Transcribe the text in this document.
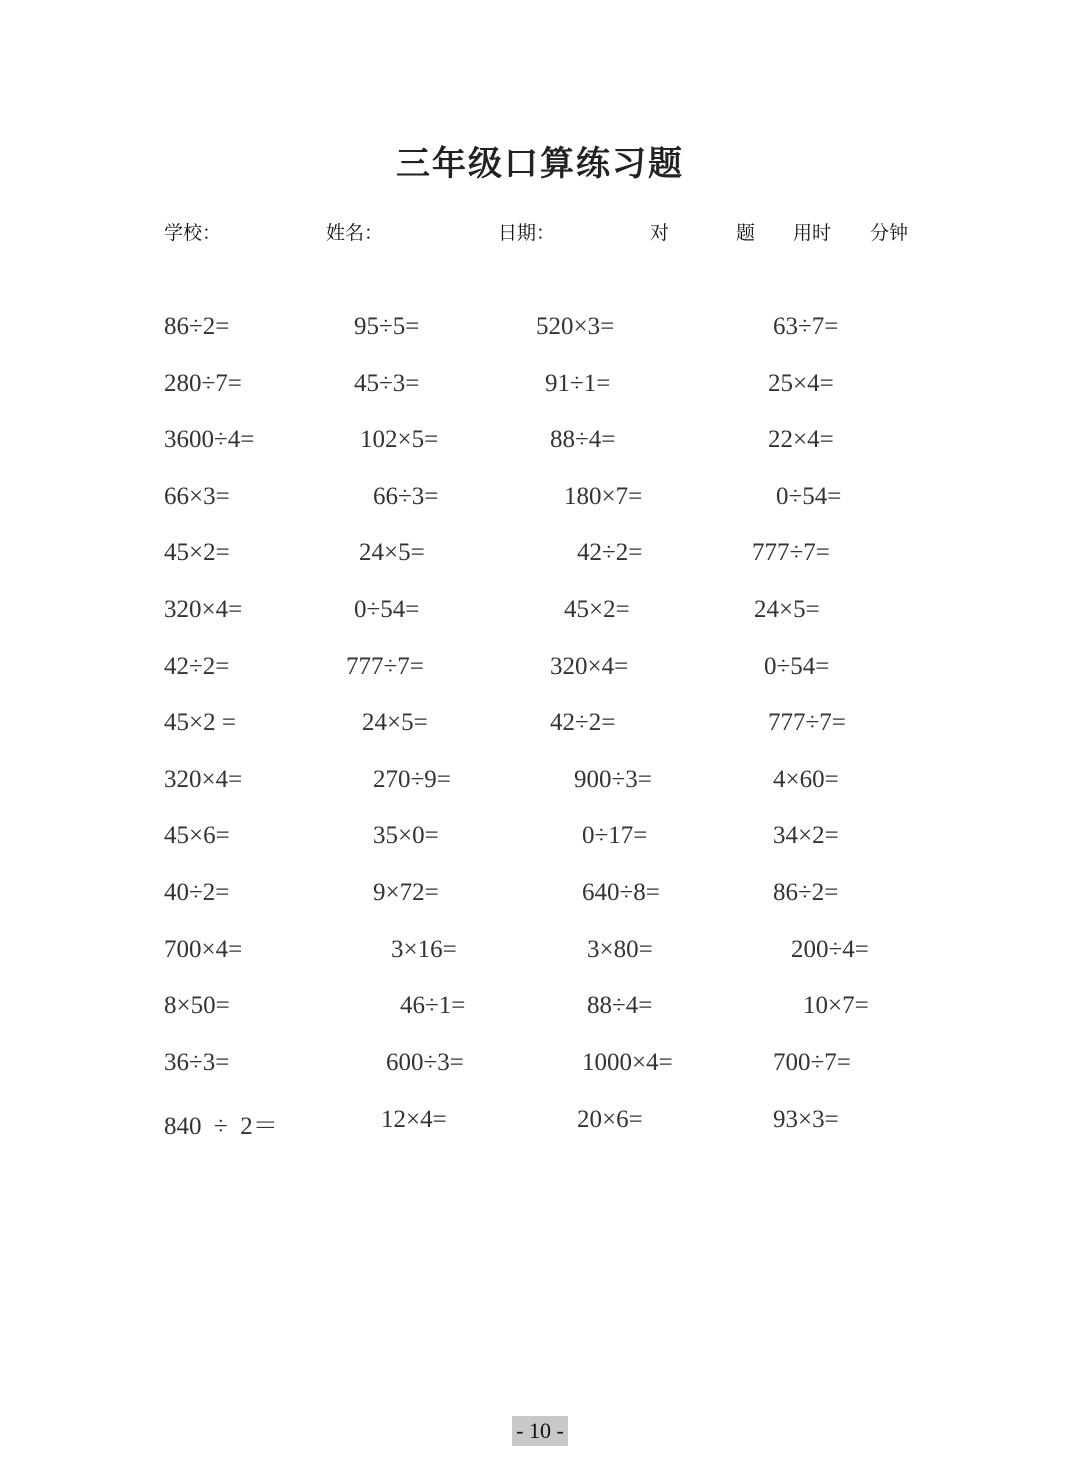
三年级口算练习题
学校：	姓名：	日期：	对	题 用时 分钟
86÷2=	95÷5=	520×3=	63÷7=
280÷7=	45÷3=	91÷1=	25×4=
3600÷4=	102×5=	88÷4=	22×4=
66×3=	66÷3=	180×7=	0÷54=
45×2=	24×5=	42÷2=	777÷7=
320×4=	0÷54=	45×2=	24×5=
42÷2=	777÷7=	320×4=	0÷54=
45×2 =	24×5=	42÷2=	777÷7=
320×4=	270÷9=	900÷3=	4×60=
45×6=	35×0=	0÷17=	34×2=
40÷2=	9×72=	640÷8=	86÷2=
700×4=	3×16=	3×80=	200÷4=
8×50=	46÷1=	88÷4=	10×7=
36÷3=	600÷3=	1000×4=	700÷7=
840  ÷  2＝	12×4=	20×6=	93×3=
- 10 -
